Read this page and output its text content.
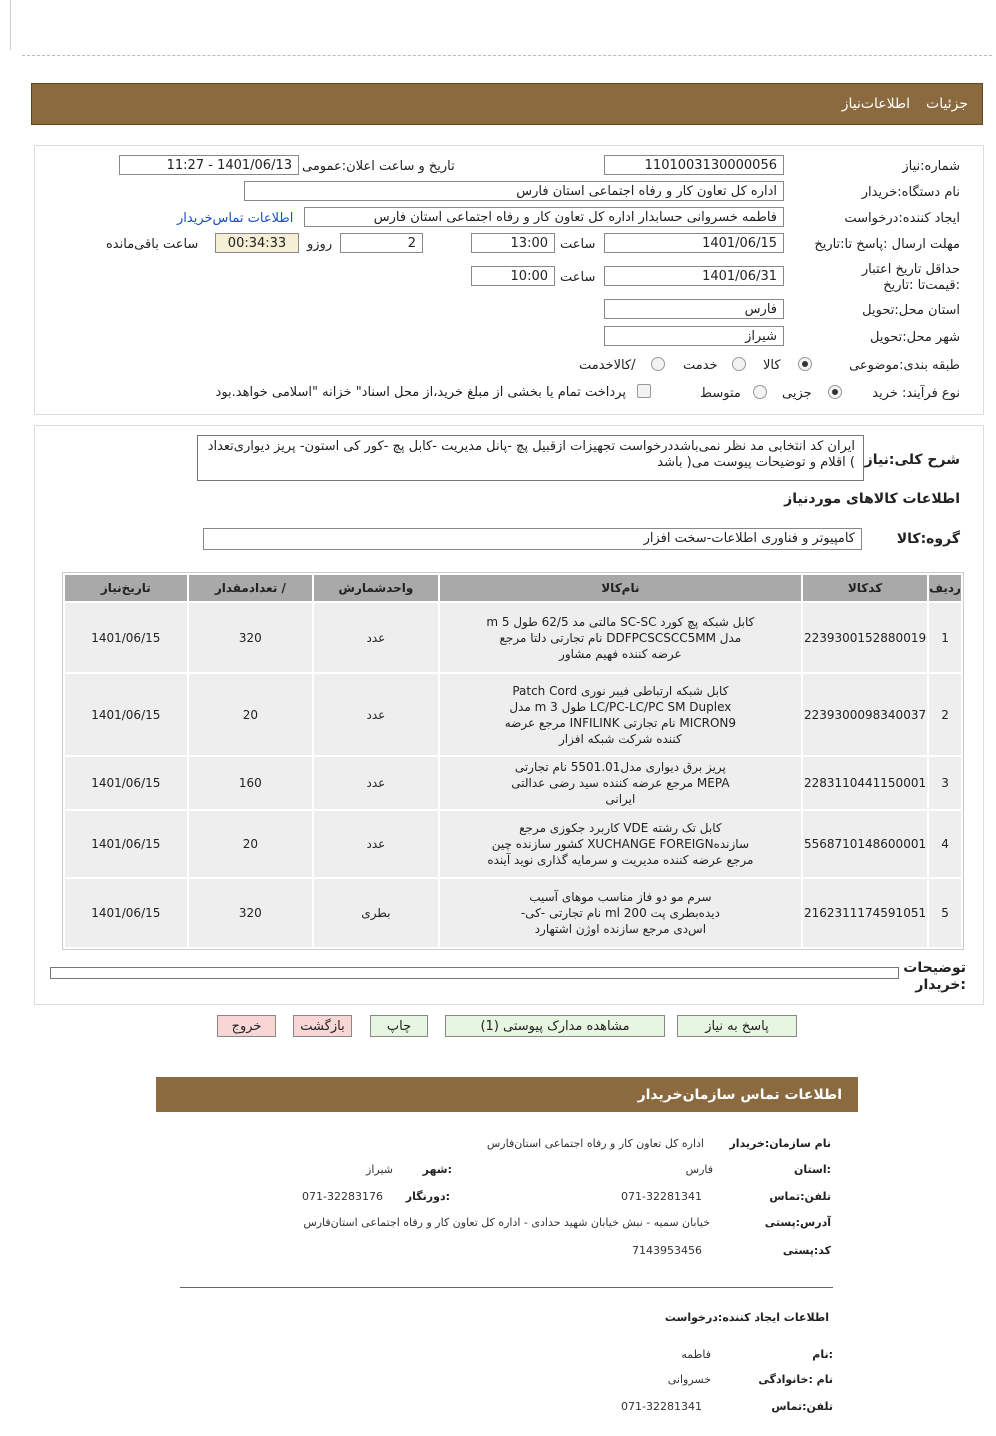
جزئیات
اطلاعات‌نیاز
شماره:نیاز
1101003130000056
تاریخ و ساعت اعلان:عمومی
1401/06/13 - 11:27
نام دستگاه:خریدار
اداره کل تعاون کار و رفاه اجتماعی استان فارس
ایجاد کننده:درخواست
فاطمه خسروانی حسابدار اداره کل تعاون کار و رفاه اجتماعی استان فارس
اطلاعات تماس‌خریدار
مهلت ارسال :پاسخ تا:تاریخ
1401/06/15
ساعت
13:00
2
روزو
00:34:33
ساعت باقی‌مانده
حداقل تاریخ اعتبار :قیمت‌تا :تاریخ
1401/06/31
ساعت
10:00
استان محل:تحویل
فارس
شهر محل:تحویل
شیراز
طبقه بندی:موضوعی
کالا
خدمت
/کالاخدمت
نوع فرآیند: خرید
جزیی
متوسط
پرداخت تمام یا بخشی از مبلغ خرید،از محل اسناد" خزانه "اسلامی خواهد.بود
شرح کلی:نیاز
ایران کد انتخابی مد نظر نمی‌باشددرخواست تجهیزات ازقبیل پچ -پانل مدیریت -کابل پچ -کور کی استون- پریز دیواری‌تعداد ) اقلام و توضیحات پیوست می( باشد
اطلاعات کالاهای موردنیاز
گروه:کالا
کامپیوتر و فناوری اطلاعات-سخت افزار
ردیف	کدکالا	نام‌کالا	واحدشمارش	/ تعدادمقدار	تاریخ‌نیاز
1	2239300152880019	کابل شبکه پچ کورد SC-SC مالتی مد 62/5 طول 5 m مدل DDFPCSCSCC5MM نام تجارتی دلتا مرجع عرضه کننده فهیم مشاور	عدد	320	1401/06/15
2	2239300098340037	کابل شبکه ارتباطی فیبر نوری Patch Cord LC/PC-LC/PC SM Duplex طول 3 m مدل MICRON9 نام تجارتی INFILINK مرجع عرضه کننده شرکت شبکه افزار	عدد	20	1401/06/15
3	2283110441150001	پریز برق دیواری مدل5501.01 نام تجارتی MEPA مرجع عرضه کننده سید رضی عدالتی ایرانی	عدد	160	1401/06/15
4	5568710148600001	کابل تک رشته VDE کاربرد جکوزی مرجع سازندهXUCHANGE FOREIGN کشور سازنده چین مرجع عرضه کننده مدیریت و سرمایه گذاری نوید آینده	عدد	20	1401/06/15
5	2162311174591051	سرم مو دو فاز مناسب موهای آسیب دیده‌بطری پت 200 ml نام تجارتی -کی-اس‌دی مرجع سازنده اوژن اشتهارد	بطری	320	1401/06/15
توضیحات :خریدار
پاسخ به نیاز
مشاهده مدارک پیوستی (1)
چاپ
بازگشت
خروج
اطلاعات تماس سازمان‌خریدار
نام سازمان:خریدار
اداره کل تعاون کار و رفاه اجتماعی استان‌فارس
:استان
فارس
:شهر
شیراز
تلفن:تماس
071-32281341
:دورنگار
071-32283176
آدرس:پستی
خیابان سمیه - نبش خیابان شهید حدادی - اداره کل تعاون کار و رفاه اجتماعی استان‌فارس
کد:پستی
7143953456
اطلاعات ایجاد کننده:درخواست
:نام
فاطمه
نام :خانوادگی
خسروانی
تلفن:تماس
071-32281341
